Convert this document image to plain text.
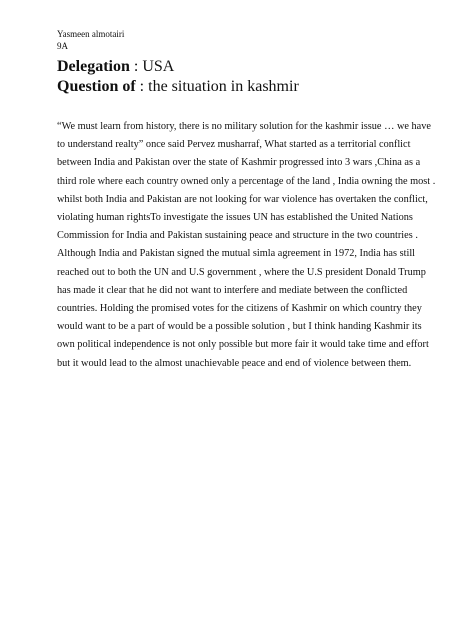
Yasmeen almotairi

9A

Delegation : USA

Question of : the situation in kashmir

“We must learn from history, there is no military solution for the kashmir issue … we have to understand realty” once said Pervez musharraf, What started as a territorial conflict between India and Pakistan over the state of Kashmir progressed into 3 wars ,China as a third role where each country owned only a percentage of the land , India owning the most . whilst both India and Pakistan are not looking for war violence has overtaken the conflict, violating human rightsTo investigate the issues UN has established the United Nations Commission for India and Pakistan sustaining peace and structure in the two countries . Although India and Pakistan signed the mutual simla agreement in 1972, India has still reached out to both the UN and U.S government , where the U.S president Donald Trump has made it clear that he did not want to interfere and mediate between the conflicted countries. Holding the promised votes for the citizens of Kashmir on which country they would want to be a part of would be a possible solution , but I think handing Kashmir its own political independence is not only possible but more fair it would take time and effort but it would lead to the almost unachievable peace and end of violence between them.
